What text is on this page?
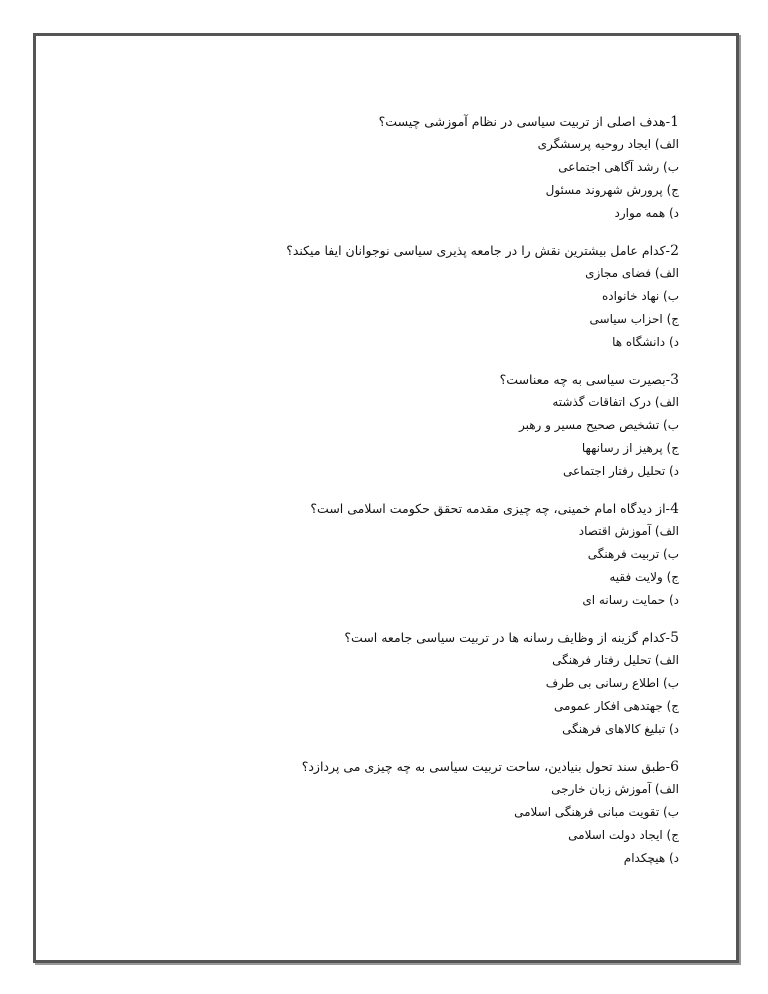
1-هدف اصلی از تربیت سیاسی در نظام آموزشی چیست؟
الف) ایجاد روحیه پرسشگری
ب) رشد آگاهی اجتماعی
ج) پرورش شهروند مسئول
د) همه موارد
2-کدام عامل بیشترین نقش را در جامعه پذیری سیاسی نوجوانان ایفا میکند؟
الف) فضای مجازی
ب) نهاد خانواده
ج) احزاب سیاسی
د) دانشگاه ها
3-بصیرت سیاسی به چه معناست؟
الف) درک اتفاقات گذشته
ب) تشخیص صحیح مسیر و رهبر
ج) پرهیز از رسانهها
د) تحلیل رفتار اجتماعی
4-از دیدگاه امام خمینی، چه چیزی مقدمه تحقق حکومت اسلامی است؟
الف) آموزش اقتصاد
ب) تربیت فرهنگی
ج) ولایت فقیه
د) حمایت رسانه ای
5-کدام گزینه از وظایف رسانه ها در تربیت سیاسی جامعه است؟
الف) تحلیل رفتار فرهنگی
ب) اطلاع رسانی بی طرف
ج) جهتدهی افکار عمومی
د) تبلیغ کالاهای فرهنگی
6-طبق سند تحول بنیادین، ساحت تربیت سیاسی به چه چیزی می پردازد؟
الف) آموزش زبان خارجی
ب) تقویت مبانی فرهنگی اسلامی
ج) ایجاد دولت اسلامی
د) هیچکدام
